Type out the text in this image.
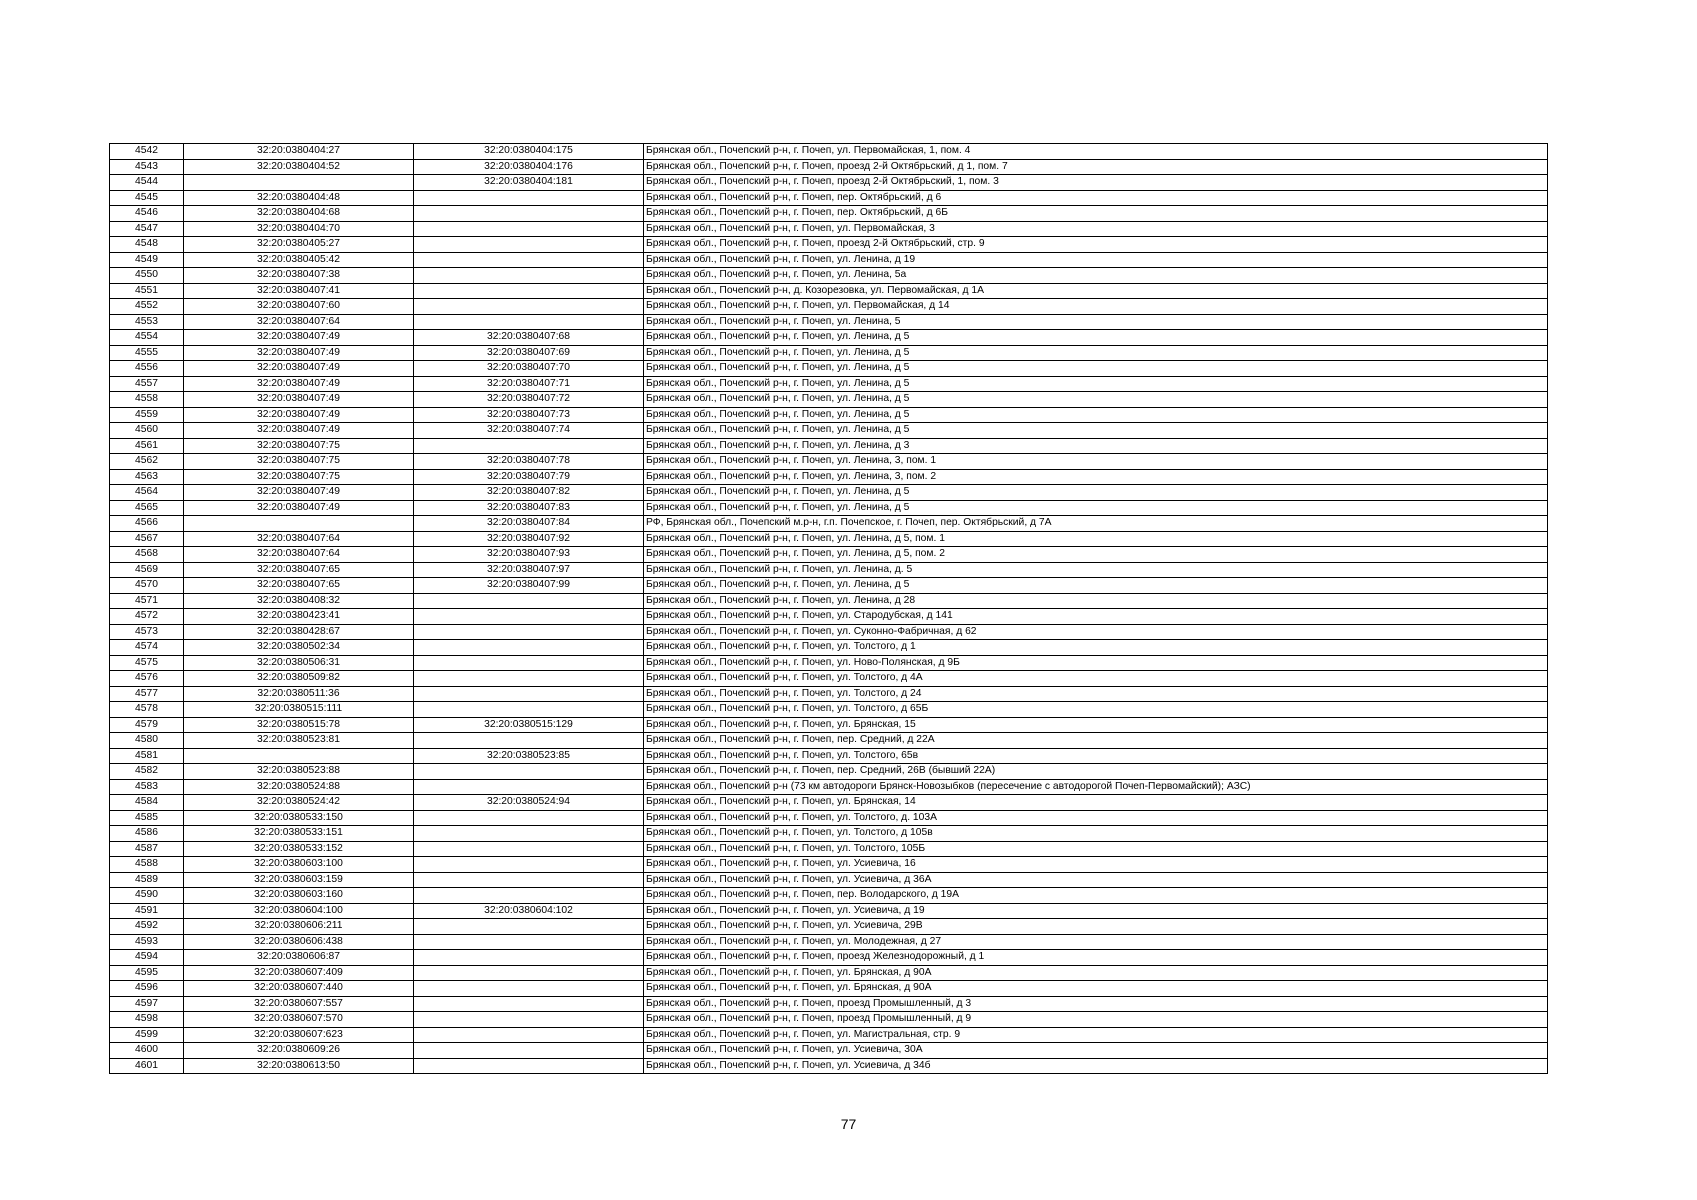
4542	32:20:0380404:27	32:20:0380404:175	Брянская обл., Почепский р-н, г. Почеп, ул. Первомайская, 1, пом. 4
4543	32:20:0380404:52	32:20:0380404:176	Брянская обл., Почепский р-н, г. Почеп, проезд 2-й Октябрьский, д 1, пом. 7
4544		32:20:0380404:181	Брянская обл., Почепский р-н, г. Почеп, проезд 2-й Октябрьский, 1, пом. 3
4545	32:20:0380404:48		Брянская обл., Почепский р-н, г. Почеп, пер. Октябрьский, д 6
4546	32:20:0380404:68		Брянская обл., Почепский р-н, г. Почеп, пер. Октябрьский, д 6Б
4547	32:20:0380404:70		Брянская обл., Почепский р-н, г. Почеп, ул. Первомайская, 3
4548	32:20:0380405:27		Брянская обл., Почепский р-н, г. Почеп, проезд 2-й Октябрьский, стр. 9
4549	32:20:0380405:42		Брянская обл., Почепский р-н, г. Почеп, ул. Ленина, д 19
4550	32:20:0380407:38		Брянская обл., Почепский р-н, г. Почеп, ул. Ленина, 5а
4551	32:20:0380407:41		Брянская обл., Почепский р-н, д. Козорезовка, ул. Первомайская, д 1А
4552	32:20:0380407:60		Брянская обл., Почепский р-н, г. Почеп, ул. Первомайская, д 14
4553	32:20:0380407:64		Брянская обл., Почепский р-н, г. Почеп, ул. Ленина, 5
4554	32:20:0380407:49	32:20:0380407:68	Брянская обл., Почепский р-н, г. Почеп, ул. Ленина, д 5
4555	32:20:0380407:49	32:20:0380407:69	Брянская обл., Почепский р-н, г. Почеп, ул. Ленина, д 5
4556	32:20:0380407:49	32:20:0380407:70	Брянская обл., Почепский р-н, г. Почеп, ул. Ленина, д 5
4557	32:20:0380407:49	32:20:0380407:71	Брянская обл., Почепский р-н, г. Почеп, ул. Ленина, д 5
4558	32:20:0380407:49	32:20:0380407:72	Брянская обл., Почепский р-н, г. Почеп, ул. Ленина, д 5
4559	32:20:0380407:49	32:20:0380407:73	Брянская обл., Почепский р-н, г. Почеп, ул. Ленина, д 5
4560	32:20:0380407:49	32:20:0380407:74	Брянская обл., Почепский р-н, г. Почеп, ул. Ленина, д 5
4561	32:20:0380407:75		Брянская обл., Почепский р-н, г. Почеп, ул. Ленина, д 3
4562	32:20:0380407:75	32:20:0380407:78	Брянская обл., Почепский р-н, г. Почеп, ул. Ленина, 3, пом. 1
4563	32:20:0380407:75	32:20:0380407:79	Брянская обл., Почепский р-н, г. Почеп, ул. Ленина, 3, пом. 2
4564	32:20:0380407:49	32:20:0380407:82	Брянская обл., Почепский р-н, г. Почеп, ул. Ленина, д 5
4565	32:20:0380407:49	32:20:0380407:83	Брянская обл., Почепский р-н, г. Почеп, ул. Ленина, д 5
4566		32:20:0380407:84	РФ, Брянская обл., Почепский м.р-н, г.п. Почепское, г. Почеп, пер. Октябрьский, д 7А
4567	32:20:0380407:64	32:20:0380407:92	Брянская обл., Почепский р-н, г. Почеп, ул. Ленина, д 5, пом. 1
4568	32:20:0380407:64	32:20:0380407:93	Брянская обл., Почепский р-н, г. Почеп, ул. Ленина, д 5, пом. 2
4569	32:20:0380407:65	32:20:0380407:97	Брянская обл., Почепский р-н, г. Почеп, ул. Ленина, д. 5
4570	32:20:0380407:65	32:20:0380407:99	Брянская обл., Почепский р-н, г. Почеп, ул. Ленина, д 5
4571	32:20:0380408:32		Брянская обл., Почепский р-н, г. Почеп, ул. Ленина, д 28
4572	32:20:0380423:41		Брянская обл., Почепский р-н, г. Почеп, ул. Стародубская, д 141
4573	32:20:0380428:67		Брянская обл., Почепский р-н, г. Почеп, ул. Суконно-Фабричная, д 62
4574	32:20:0380502:34		Брянская обл., Почепский р-н, г. Почеп, ул. Толстого, д 1
4575	32:20:0380506:31		Брянская обл., Почепский р-н, г. Почеп, ул. Ново-Полянская, д 9Б
4576	32:20:0380509:82		Брянская обл., Почепский р-н, г. Почеп, ул. Толстого, д 4А
4577	32:20:0380511:36		Брянская обл., Почепский р-н, г. Почеп, ул. Толстого, д 24
4578	32:20:0380515:111		Брянская обл., Почепский р-н, г. Почеп, ул. Толстого, д 65Б
4579	32:20:0380515:78	32:20:0380515:129	Брянская обл., Почепский р-н, г. Почеп, ул. Брянская, 15
4580	32:20:0380523:81		Брянская обл., Почепский р-н, г. Почеп, пер. Средний, д 22А
4581		32:20:0380523:85	Брянская обл., Почепский р-н, г. Почеп, ул. Толстого, 65в
4582	32:20:0380523:88		Брянская обл., Почепский р-н, г. Почеп, пер. Средний, 26В (бывший 22А)
4583	32:20:0380524:88		Брянская обл., Почепский р-н (73 км автодороги Брянск-Новозыбков (пересечение с автодорогой Почеп-Первомайский); АЗС)
4584	32:20:0380524:42	32:20:0380524:94	Брянская обл., Почепский р-н, г. Почеп, ул. Брянская, 14
4585	32:20:0380533:150		Брянская обл., Почепский р-н, г. Почеп, ул. Толстого, д. 103А
4586	32:20:0380533:151		Брянская обл., Почепский р-н, г. Почеп, ул. Толстого, д 105в
4587	32:20:0380533:152		Брянская обл., Почепский р-н, г. Почеп, ул. Толстого, 105Б
4588	32:20:0380603:100		Брянская обл., Почепский р-н, г. Почеп, ул. Усиевича, 16
4589	32:20:0380603:159		Брянская обл., Почепский р-н, г. Почеп, ул. Усиевича, д 36А
4590	32:20:0380603:160		Брянская обл., Почепский р-н, г. Почеп, пер. Володарского, д 19А
4591	32:20:0380604:100	32:20:0380604:102	Брянская обл., Почепский р-н, г. Почеп, ул. Усиевича, д 19
4592	32:20:0380606:211		Брянская обл., Почепский р-н, г. Почеп, ул. Усиевича, 29В
4593	32:20:0380606:438		Брянская обл., Почепский р-н, г. Почеп, ул. Молодежная, д 27
4594	32:20:0380606:87		Брянская обл., Почепский р-н, г. Почеп, проезд Железнодорожный, д 1
4595	32:20:0380607:409		Брянская обл., Почепский р-н, г. Почеп, ул. Брянская, д 90А
4596	32:20:0380607:440		Брянская обл., Почепский р-н, г. Почеп, ул. Брянская, д 90А
4597	32:20:0380607:557		Брянская обл., Почепский р-н, г. Почеп, проезд Промышленный, д 3
4598	32:20:0380607:570		Брянская обл., Почепский р-н, г. Почеп, проезд Промышленный, д 9
4599	32:20:0380607:623		Брянская обл., Почепский р-н, г. Почеп, ул. Магистральная, стр. 9
4600	32:20:0380609:26		Брянская обл., Почепский р-н, г. Почеп, ул. Усиевича, 30А
4601	32:20:0380613:50		Брянская обл., Почепский р-н, г. Почеп, ул. Усиевича, д 34б
77
